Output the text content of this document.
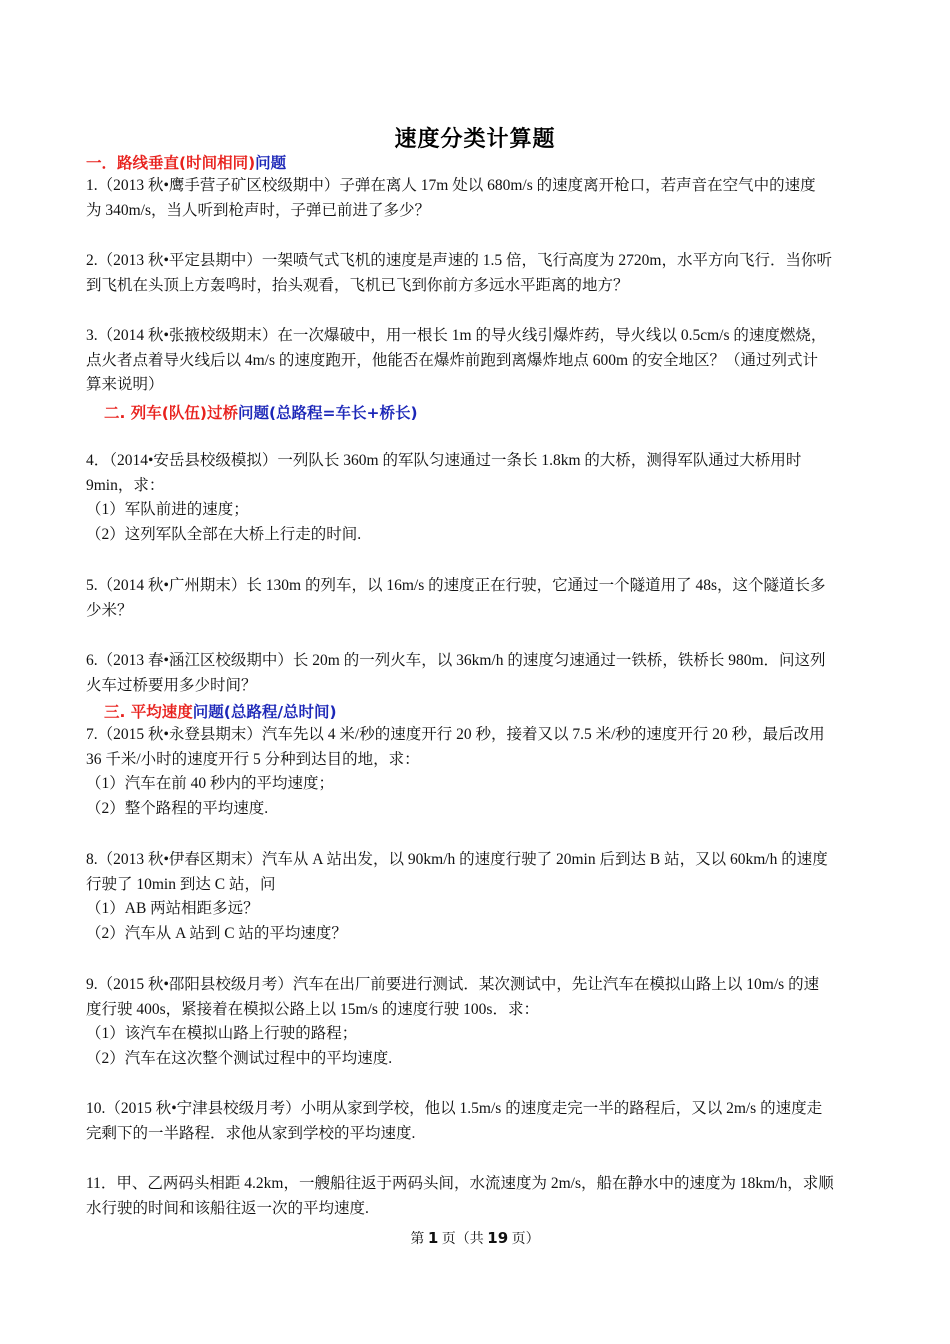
速度分类计算题
一．路线垂直(时间相同)问题

1.（2013 秋•鹰手营子矿区校级期中）子弹在离人 17m 处以 680m/s 的速度离开枪口，若声音在空气中的速度

为 340m/s，当人听到枪声时，子弹已前进了多少？

2.（2013 秋•平定县期中）一架喷气式飞机的速度是声速的 1.5 倍，飞行高度为 2720m，水平方向飞行．当你听

到飞机在头顶上方轰鸣时，抬头观看，飞机已飞到你前方多远水平距离的地方？

3.（2014 秋•张掖校级期末）在一次爆破中，用一根长 1m 的导火线引爆炸药，导火线以 0.5cm/s 的速度燃烧，

点火者点着导火线后以 4m/s 的速度跑开，他能否在爆炸前跑到离爆炸地点 600m 的安全地区？（通过列式计

算来说明）

二. 列车(队伍)过桥问题(总路程=车长+桥长)

4．（2014•安岳县校级模拟）一列队长 360m 的军队匀速通过一条长 1.8km 的大桥，测得军队通过大桥用时

9min，求：

（1）军队前进的速度；

（2）这列军队全部在大桥上行走的时间.

5.（2014 秋•广州期末）长 130m 的列车，以 16m/s 的速度正在行驶，它通过一个隧道用了 48s，这个隧道长多

少米？

6.（2013 春•涵江区校级期中）长 20m 的一列火车，以 36km/h 的速度匀速通过一铁桥，铁桥长 980m．问这列

火车过桥要用多少时间？

三. 平均速度问题(总路程/总时间)

7.（2015 秋•永登县期末）汽车先以 4 米/秒的速度开行 20 秒，接着又以 7.5 米/秒的速度开行 20 秒，最后改用

36 千米/小时的速度开行 5 分种到达目的地，求：

（1）汽车在前 40 秒内的平均速度；

（2）整个路程的平均速度.

8.（2013 秋•伊春区期末）汽车从 A 站出发，以 90km/h 的速度行驶了 20min 后到达 B 站，又以 60km/h 的速度

行驶了 10min 到达 C 站，问

（1）AB 两站相距多远？

（2）汽车从 A 站到 C 站的平均速度？

9.（2015 秋•邵阳县校级月考）汽车在出厂前要进行测试．某次测试中，先让汽车在模拟山路上以 10m/s 的速

度行驶 400s，紧接着在模拟公路上以 15m/s 的速度行驶 100s．求：

（1）该汽车在模拟山路上行驶的路程；

（2）汽车在这次整个测试过程中的平均速度.

10.（2015 秋•宁津县校级月考）小明从家到学校，他以 1.5m/s 的速度走完一半的路程后，又以 2m/s 的速度走

完剩下的一半路程．求他从家到学校的平均速度.

11．甲、乙两码头相距 4.2km，一艘船往返于两码头间，水流速度为 2m/s，船在静水中的速度为 18km/h，求顺

水行驶的时间和该船往返一次的平均速度.

第 1 页（共 19 页）
